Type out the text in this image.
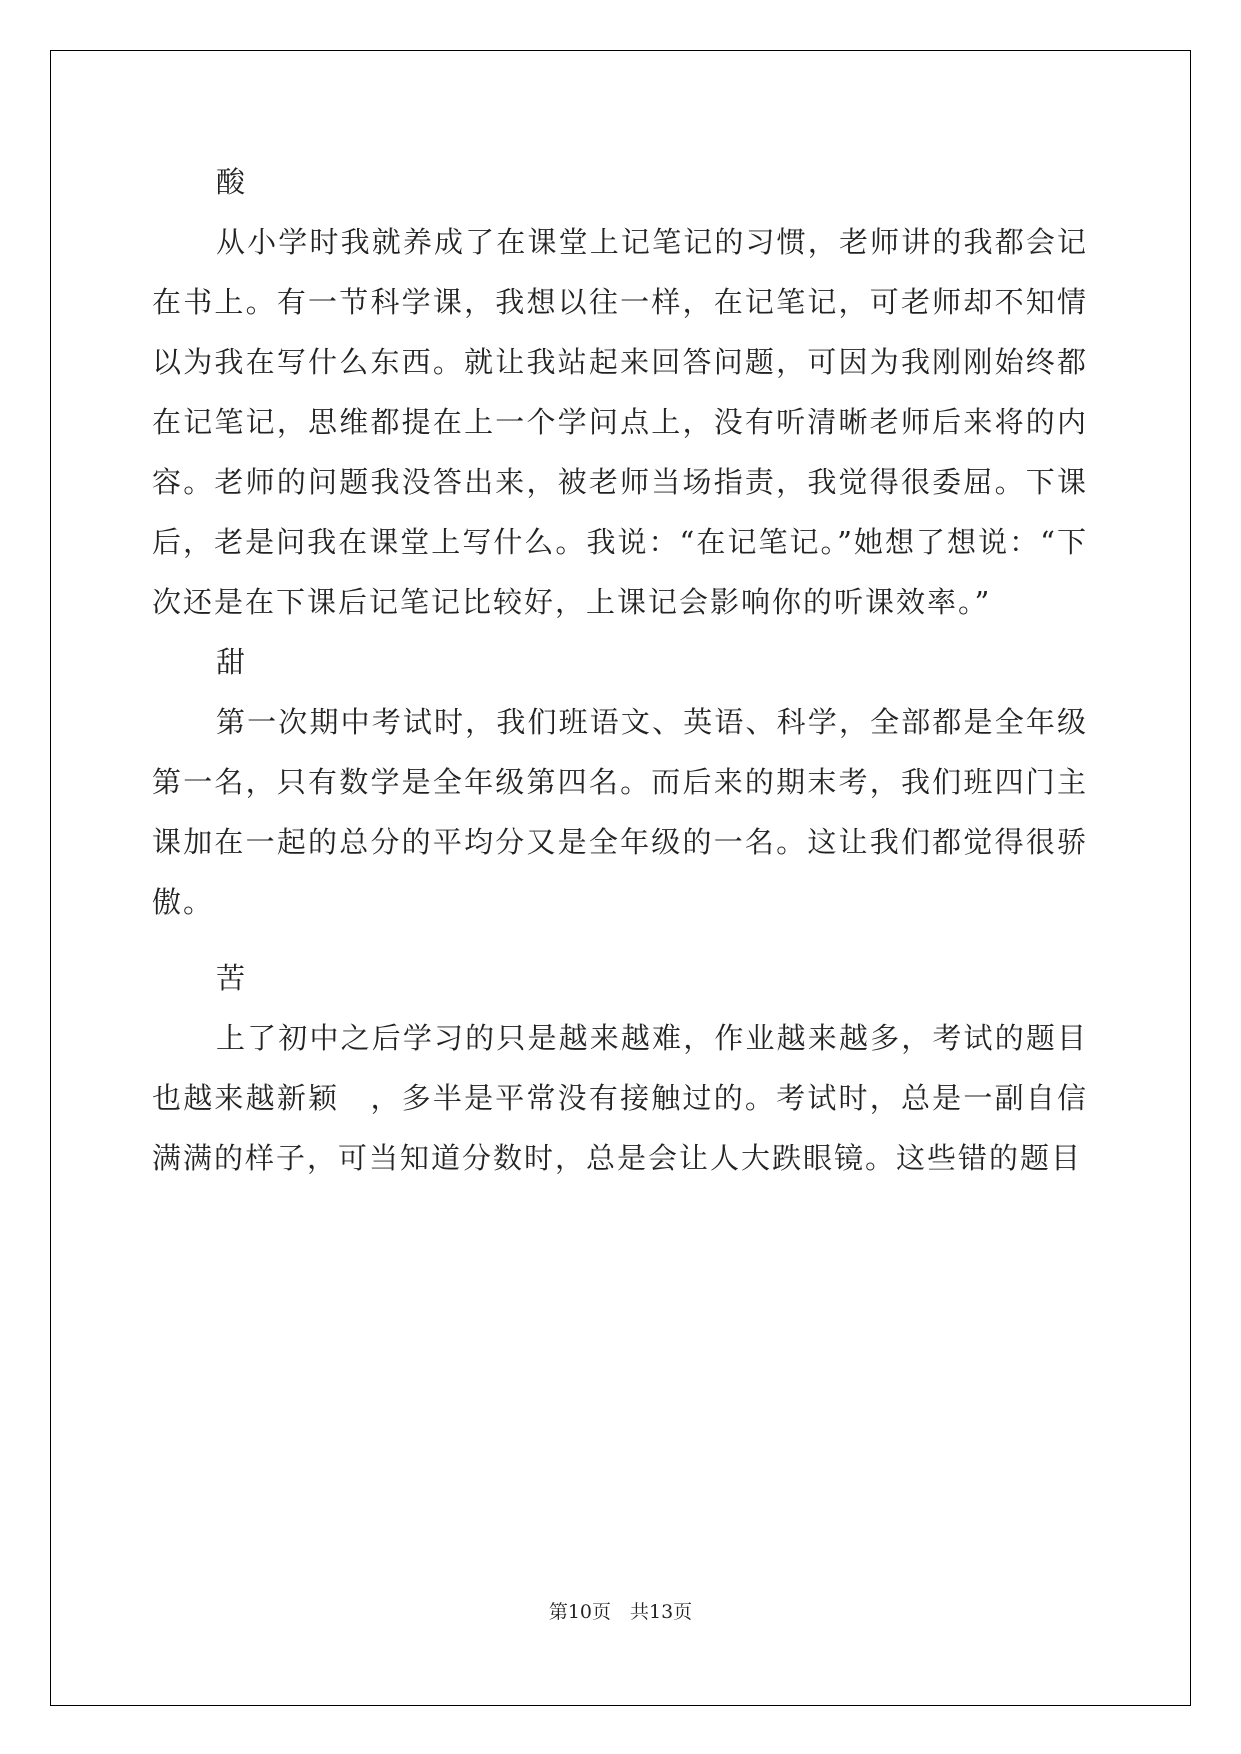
酸

从小学时我就养成了在课堂上记笔记的习惯，老师讲的我都会记在书上。有一节科学课，我想以往一样，在记笔记，可老师却不知情以为我在写什么东西。就让我站起来回答问题，可因为我刚刚始终都在记笔记，思维都提在上一个学问点上，没有听清晰老师后来将的内容。老师的问题我没答出来，被老师当场指责，我觉得很委屈。下课后，老是问我在课堂上写什么。我说：“在记笔记。”她想了想说：“下次还是在下课后记笔记比较好，上课记会影响你的听课效率。”

甜

第一次期中考试时，我们班语文、英语、科学，全部都是全年级第一名，只有数学是全年级第四名。而后来的期末考，我们班四门主课加在一起的总分的平均分又是全年级的一名。这让我们都觉得很骄傲。

苦

上了初中之后学习的只是越来越难，作业越来越多，考试的题目也越来越新颖　，多半是平常没有接触过的。考试时，总是一副自信满满的样子，可当知道分数时，总是会让人大跌眼镜。这些错的题目

第10页　共13页
